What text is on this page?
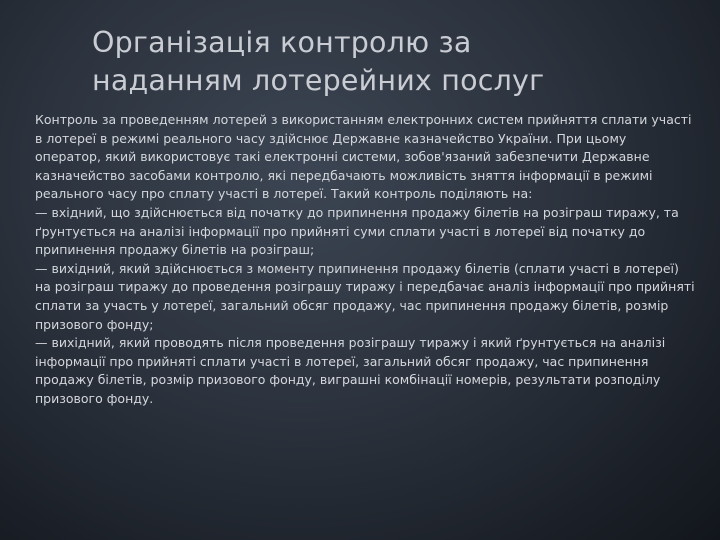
Організація контролю за
наданням лотерейних послуг

Контроль за проведенням лотерей з використанням електронних систем прийняття сплати участі в лотереї в режимі реального часу здійснює Державне казначейство України. При цьому оператор, який використовує такі електронні системи, зобов'язаний забезпечити Державне казначейство засобами контролю, які передбачають можливість зняття інформації в режимі реального часу про сплату участі в лотереї. Такий контроль поділяють на:

— вхідний, що здійснюється від початку до припинення продажу білетів на розіграш тиражу, та ґрунтується на аналізі інформації про прийняті суми сплати участі в лотереї від початку до припинення продажу білетів на розіграш;

— вихідний, який здійснюється з моменту припинення продажу білетів (сплати участі в лотереї) на розіграш тиражу до проведення розіграшу тиражу і передбачає аналіз інформації про прийняті сплати за участь у лотереї, загальний обсяг продажу, час припинення продажу білетів, розмір призового фонду;

— вихідний, який проводять після проведення розіграшу тиражу і який ґрунтується на аналізі інформації про прийняті сплати участі в лотереї, загальний обсяг продажу, час припинення продажу білетів, розмір призового фонду, виграшні комбінації номерів, результати розподілу призового фонду.
